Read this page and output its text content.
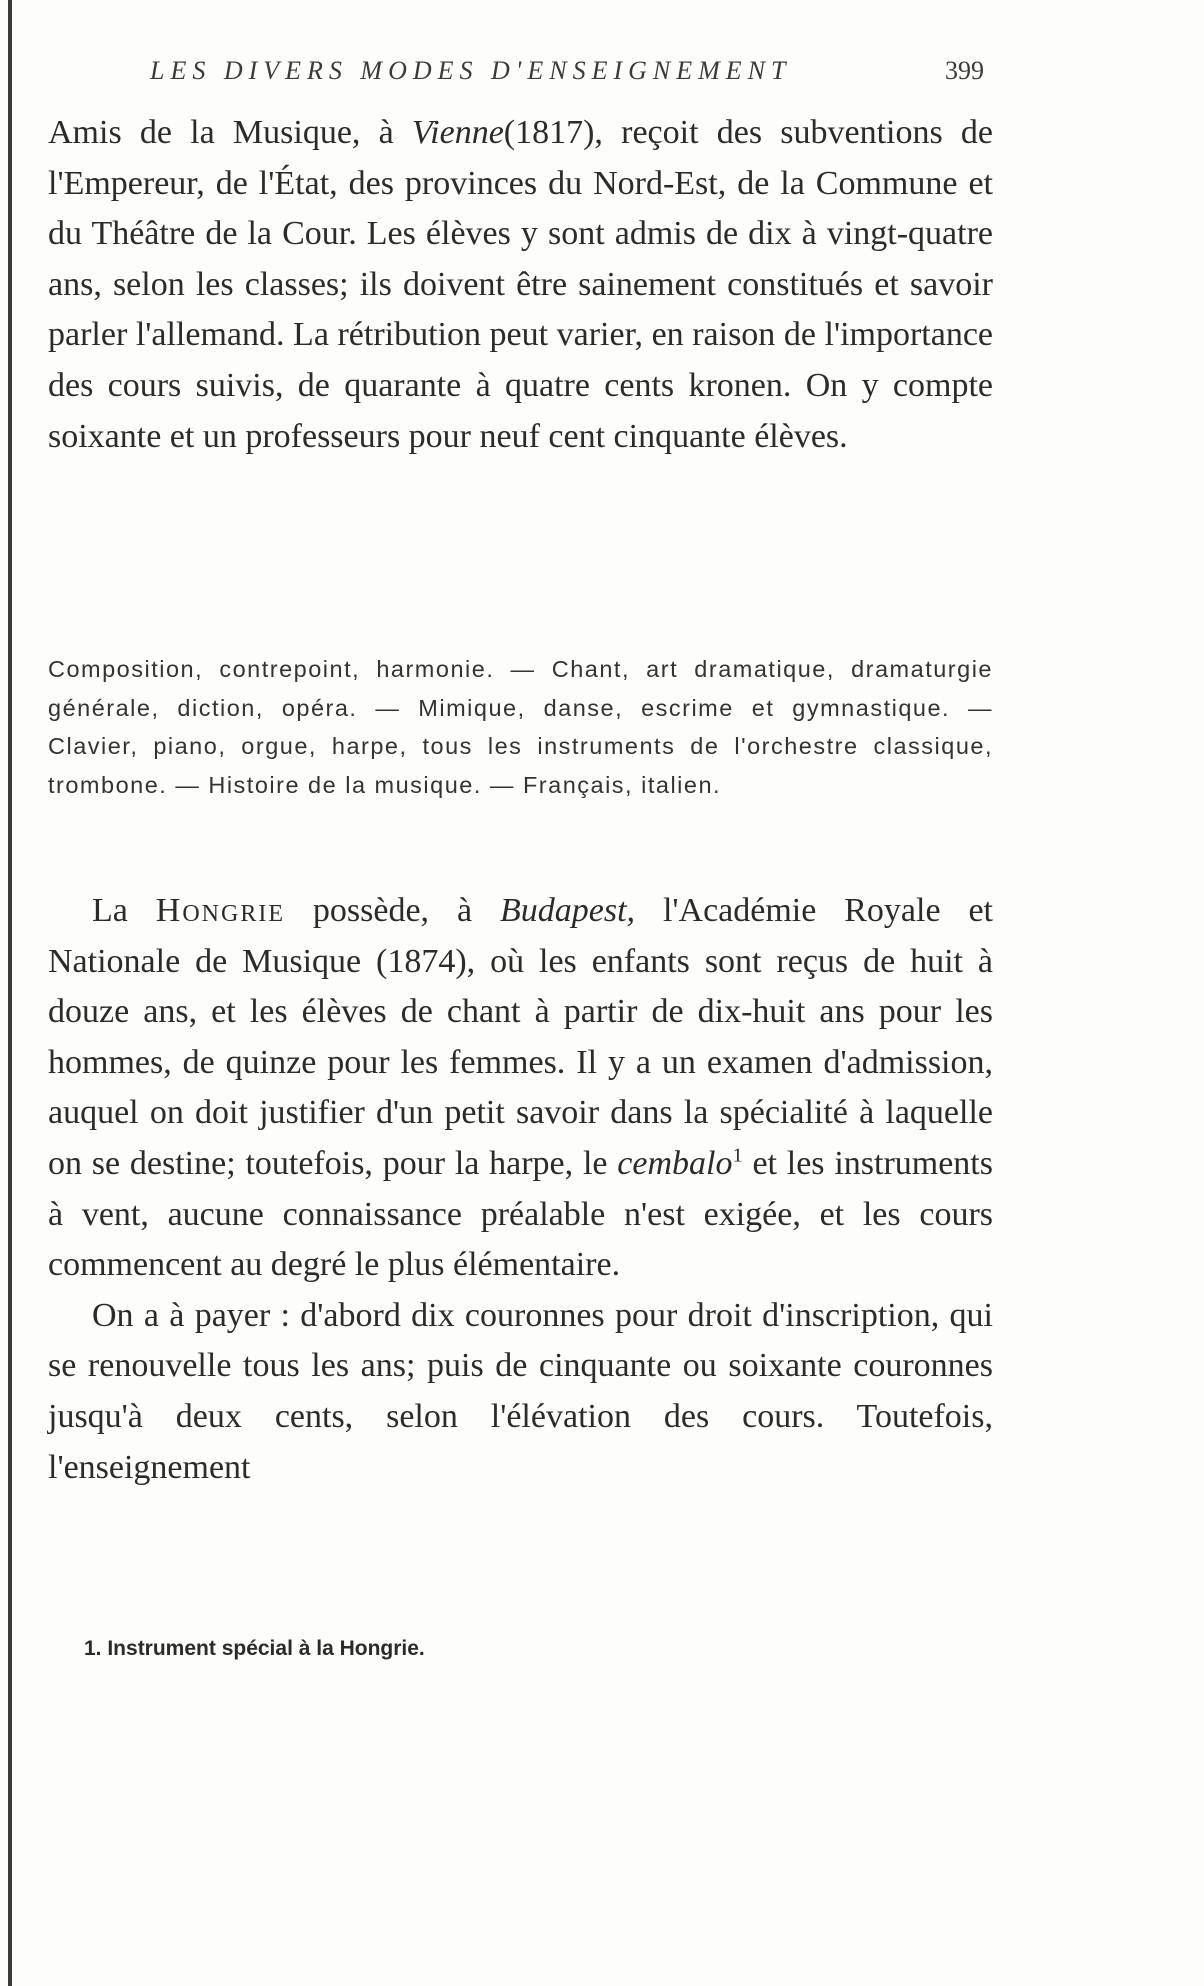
LES DIVERS MODES D'ENSEIGNEMENT	399

Amis de la Musique, à Vienne(1817), reçoit des subventions de l'Empereur, de l'État, des provinces du Nord-Est, de la Commune et du Théâtre de la Cour. Les élèves y sont admis de dix à vingt-quatre ans, selon les classes; ils doivent être sainement constitués et savoir parler l'allemand. La rétribution peut varier, en raison de l'importance des cours suivis, de quarante à quatre cents kronen. On y compte soixante et un professeurs pour neuf cent cinquante élèves.

Composition, contrepoint, harmonie. — Chant, art dramatique, dramaturgie générale, diction, opéra. — Mimique, danse, escrime et gymnastique. — Clavier, piano, orgue, harpe, tous les instruments de l'orchestre classique, trombone. — Histoire de la musique. — Français, italien.

La Hongrie possède, à Budapest, l'Académie Royale et Nationale de Musique (1874), où les enfants sont reçus de huit à douze ans, et les élèves de chant à partir de dix-huit ans pour les hommes, de quinze pour les femmes. Il y a un examen d'admission, auquel on doit justifier d'un petit savoir dans la spécialité à laquelle on se destine; toutefois, pour la harpe, le cembalo$^1$ et les instruments à vent, aucune connaissance préalable n'est exigée, et les cours commencent au degré le plus élémentaire.

On a à payer : d'abord dix couronnes pour droit d'inscription, qui se renouvelle tous les ans; puis de cinquante ou soixante couronnes jusqu'à deux cents, selon l'élévation des cours. Toutefois, l'enseignement

1. Instrument spécial à la Hongrie.
